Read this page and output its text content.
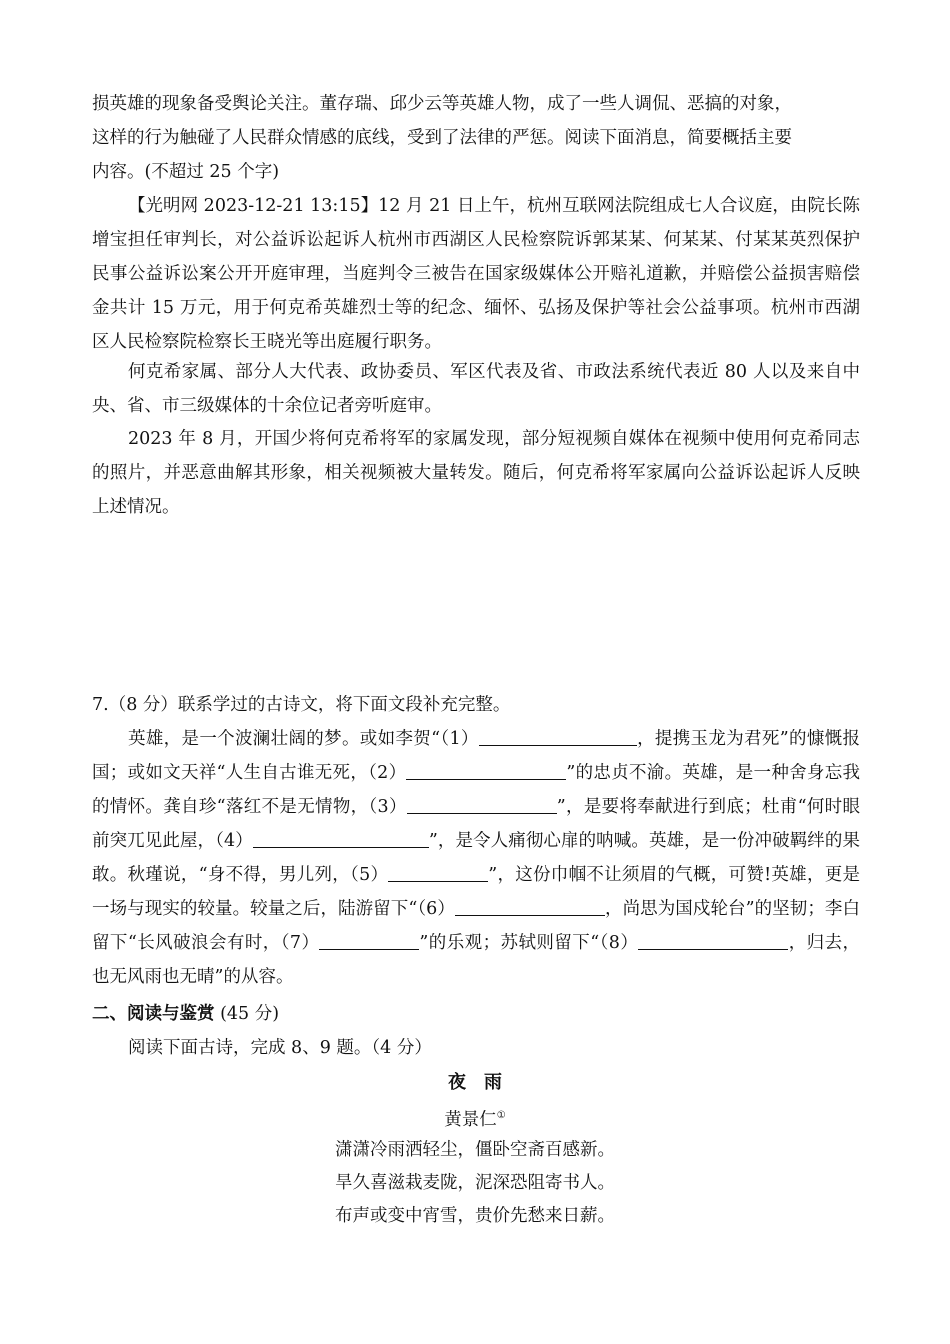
损英雄的现象备受舆论关注。董存瑞、邱少云等英雄人物，成了一些人调侃、恶搞的对象，

这样的行为触碰了人民群众情感的底线，受到了法律的严惩。阅读下面消息，简要概括主要

内容。(不超过 25 个字)

【光明网 2023-12-21 13:15】12 月 21 日上午，杭州互联网法院组成七人合议庭，由院长陈增宝担任审判长，对公益诉讼起诉人杭州市西湖区人民检察院诉郭某某、何某某、付某某英烈保护民事公益诉讼案公开开庭审理，当庭判令三被告在国家级媒体公开赔礼道歉，并赔偿公益损害赔偿金共计 15 万元，用于何克希英雄烈士等的纪念、缅怀、弘扬及保护等社会公益事项。杭州市西湖区人民检察院检察长王晓光等出庭履行职务。

何克希家属、部分人大代表、政协委员、军区代表及省、市政法系统代表近 80 人以及来自中央、省、市三级媒体的十余位记者旁听庭审。

2023 年 8 月，开国少将何克希将军的家属发现，部分短视频自媒体在视频中使用何克希同志的照片，并恶意曲解其形象，相关视频被大量转发。随后，何克希将军家属向公益诉讼起诉人反映上述情况。

7.（8 分）联系学过的古诗文，将下面文段补充完整。

英雄，是一个波澜壮阔的梦。或如李贺“（1）	，提携玉龙为君死”的慷慨报国；或如文天祥“人生自古谁无死，（2）	”的忠贞不渝。英雄，是一种舍身忘我的情怀。龚自珍“落红不是无情物，（3）	”，是要将奉献进行到底；杜甫“何时眼前突兀见此屋，（4）	”，是令人痛彻心扉的呐喊。英雄，是一份冲破羁绊的果敢。秋瑾说，“身不得，男儿列，（5）	”，这份巾帼不让须眉的气概，可赞!英雄，更是一场与现实的较量。较量之后，陆游留下“（6）	，尚思为国戍轮台”的坚韧；李白留下“长风破浪会有时，（7）	”的乐观；苏轼则留下“（8）	，归去，也无风雨也无晴”的从容。

二、阅读与鉴赏 (45 分)

阅读下面古诗，完成 8、9 题。（4 分）

夜　雨

黄景仁①

潇潇冷雨洒轻尘，僵卧空斋百感新。

旱久喜滋栽麦陇，泥深恐阻寄书人。

布声或变中宵雪，贵价先愁来日薪。
